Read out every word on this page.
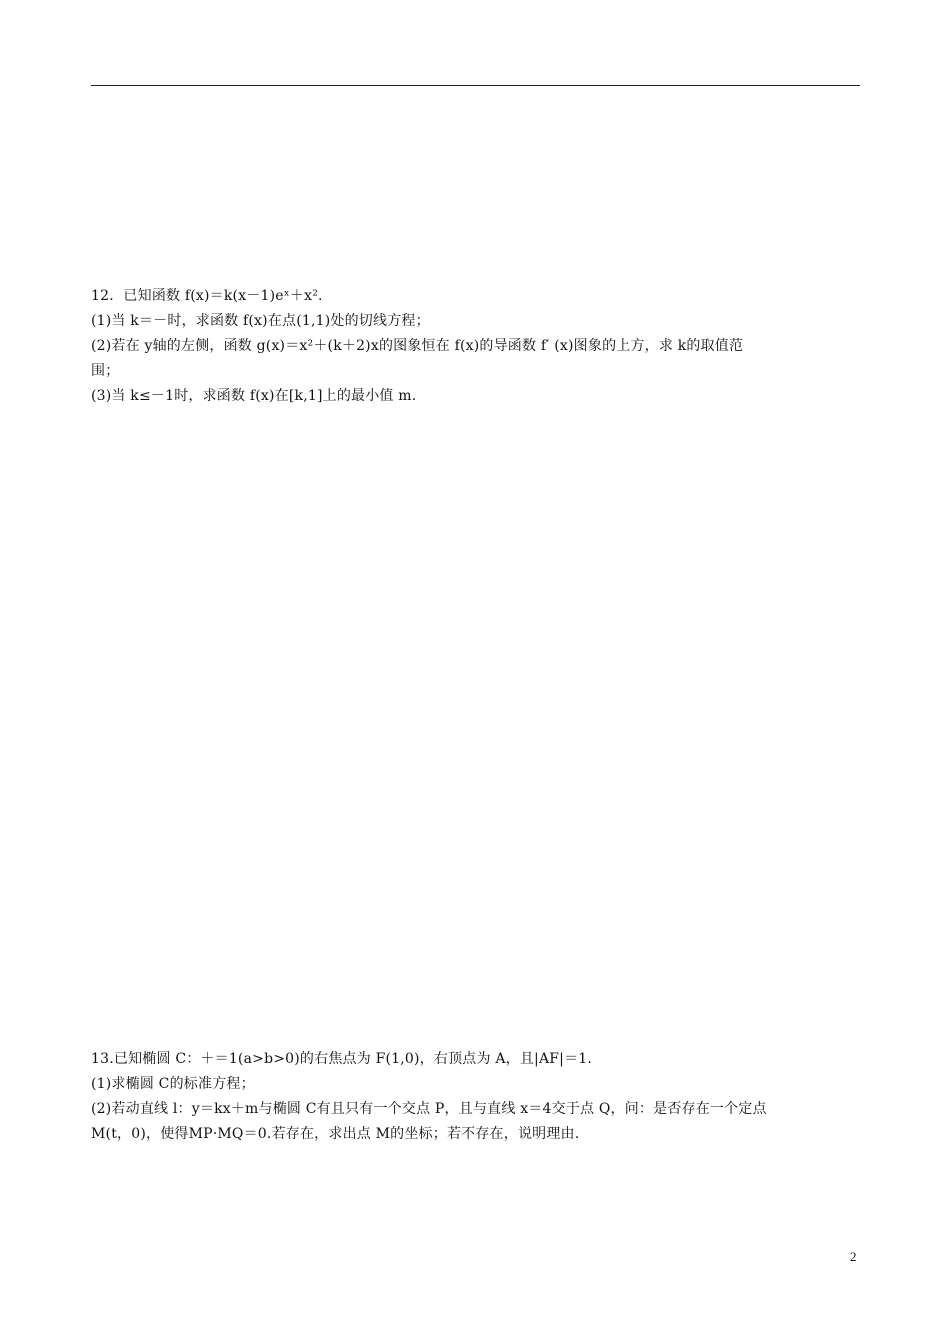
12．已知函数 f(x)＝k(x－1)eˣ＋x².

(1)当 k＝－时，求函数 f(x)在点(1,1)处的切线方程；

(2)若在 y轴的左侧，函数 g(x)＝x²＋(k＋2)x的图象恒在 f(x)的导函数 f′ (x)图象的上方，求 k的取值范

围；

(3)当 k≤－1时，求函数 f(x)在[k,1]上的最小值 m.

13.已知椭圆 C：＋＝1(a>b>0)的右焦点为 F(1,0)，右顶点为 A，且|AF|＝1.

(1)求椭圆 C的标准方程；

(2)若动直线 l：y＝kx＋m与椭圆 C有且只有一个交点 P，且与直线 x＝4交于点 Q，问：是否存在一个定点

M(t，0)，使得MP·MQ＝0.若存在，求出点 M的坐标；若不存在，说明理由.

2
